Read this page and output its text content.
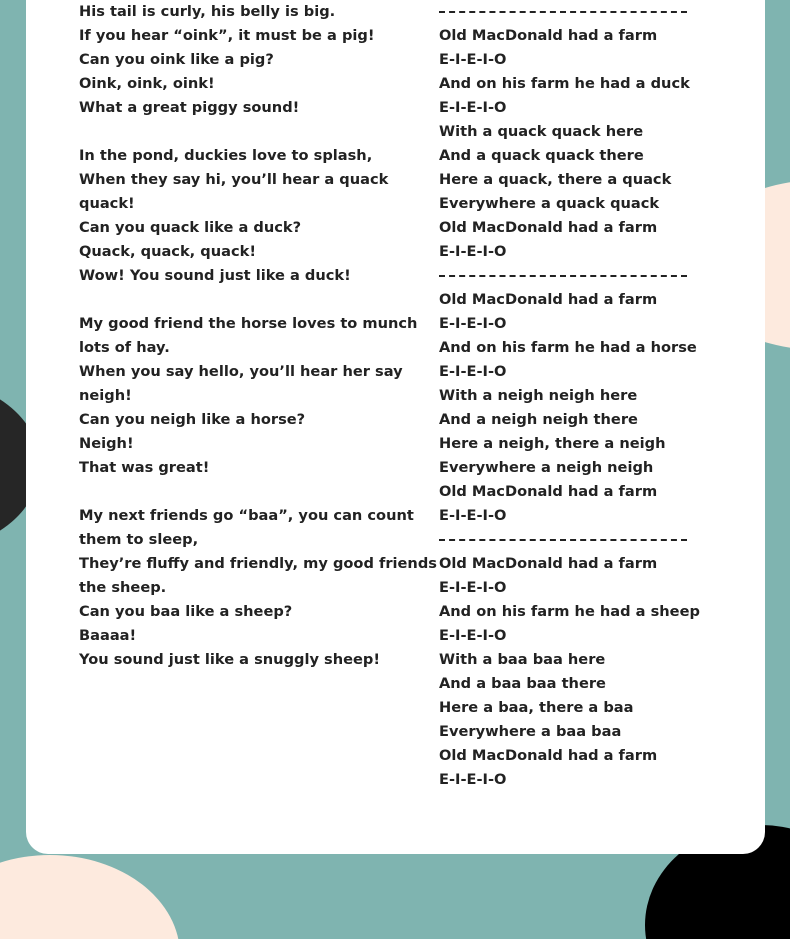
His tail is curly, his belly is big.
If you hear “oink”, it must be a pig!
Can you oink like a pig?
Oink, oink, oink!
What a great piggy sound!
In the pond, duckies love to splash,
When they say hi, you’ll hear a quack
quack!
Can you quack like a duck?
Quack, quack, quack!
Wow! You sound just like a duck!
My good friend the horse loves to munch
lots of hay.
When you say hello, you’ll hear her say
neigh!
Can you neigh like a horse?
Neigh!
That was great!
My next friends go “baa”, you can count
them to sleep,
They’re fluffy and friendly, my good friends
the sheep.
Can you baa like a sheep?
Baaaa!
You sound just like a snuggly sheep!
Old MacDonald had a farm
E-I-E-I-O
And on his farm he had a duck
E-I-E-I-O
With a quack quack here
And a quack quack there
Here a quack, there a quack
Everywhere a quack quack
Old MacDonald had a farm
E-I-E-I-O
Old MacDonald had a farm
E-I-E-I-O
And on his farm he had a horse
E-I-E-I-O
With a neigh neigh here
And a neigh neigh there
Here a neigh, there a neigh
Everywhere a neigh neigh
Old MacDonald had a farm
E-I-E-I-O
Old MacDonald had a farm
E-I-E-I-O
And on his farm he had a sheep
E-I-E-I-O
With a baa baa here
And a baa baa there
Here a baa, there a baa
Everywhere a baa baa
Old MacDonald had a farm
E-I-E-I-O
